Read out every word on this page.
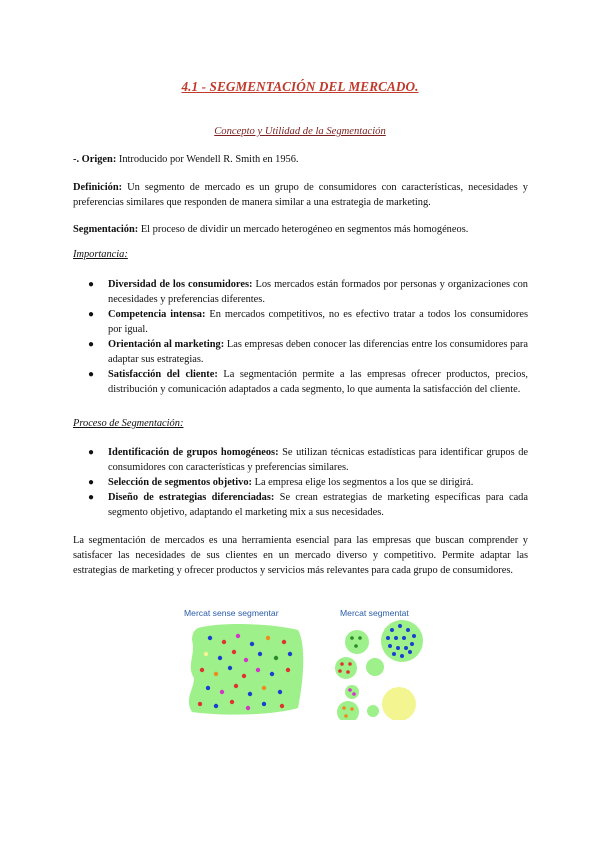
4.1 - SEGMENTACIÓN DEL MERCADO.
Concepto y Utilidad de la Segmentación
-. Origen: Introducido por Wendell R. Smith en 1956.
Definición: Un segmento de mercado es un grupo de consumidores con características, necesidades y preferencias similares que responden de manera similar a una estrategia de marketing.
Segmentación: El proceso de dividir un mercado heterogéneo en segmentos más homogéneos.
Importancia:
● Diversidad de los consumidores: Los mercados están formados por personas y organizaciones con necesidades y preferencias diferentes.
● Competencia intensa: En mercados competitivos, no es efectivo tratar a todos los consumidores por igual.
● Orientación al marketing: Las empresas deben conocer las diferencias entre los consumidores para adaptar sus estrategias.
● Satisfacción del cliente: La segmentación permite a las empresas ofrecer productos, precios, distribución y comunicación adaptados a cada segmento, lo que aumenta la satisfacción del cliente.
Proceso de Segmentación:
● Identificación de grupos homogéneos: Se utilizan técnicas estadísticas para identificar grupos de consumidores con características y preferencias similares.
● Selección de segmentos objetivo: La empresa elige los segmentos a los que se dirigirá.
● Diseño de estrategias diferenciadas: Se crean estrategias de marketing específicas para cada segmento objetivo, adaptando el marketing mix a sus necesidades.
La segmentación de mercados es una herramienta esencial para las empresas que buscan comprender y satisfacer las necesidades de sus clientes en un mercado diverso y competitivo. Permite adaptar las estrategias de marketing y ofrecer productos y servicios más relevantes para cada grupo de consumidores.
Mercat sense segmentar	Mercat segmentat
